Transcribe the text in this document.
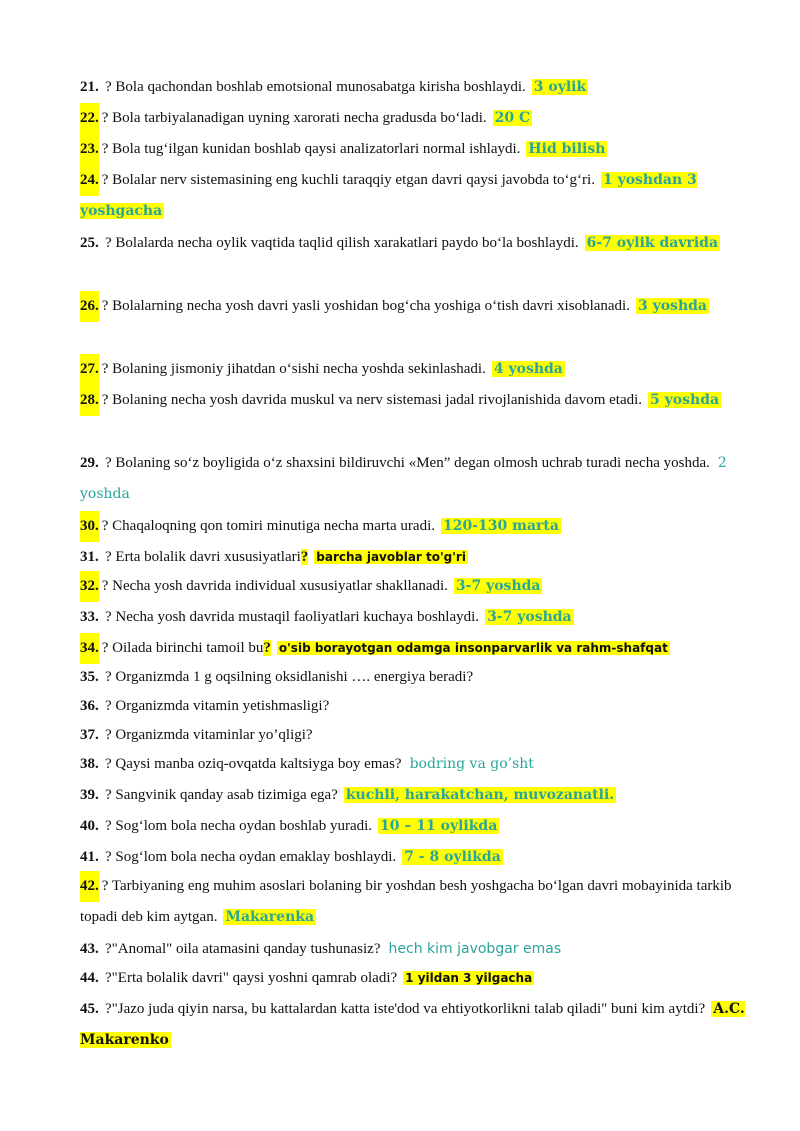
21. ? Bola qachondan boshlab emotsional munosabatga kirisha boshlaydi. 3 oylik
22. ? Bola tarbiyalanadigan uyning xarorati necha gradusda bo‘ladi. 20 C
23. ? Bola tug‘ilgan kunidan boshlab qaysi analizatorlari normal ishlaydi. Hid bilish
24. ? Bolalar nerv sistemasining eng kuchli taraqqiy etgan davri qaysi javobda to‘g‘ri. 1 yoshdan 3 yoshgacha
25. ? Bolalarda necha oylik vaqtida taqlid qilish xarakatlari paydo bo‘la boshlaydi. 6-7 oylik davrida
26. ? Bolalarning necha yosh davri yasli yoshidan bog‘cha yoshiga o‘tish davri xisoblanadi. 3 yoshda
27. ? Bolaning jismoniy jihatdan o‘sishi necha yoshda sekinlashadi. 4 yoshda
28. ? Bolaning necha yosh davrida muskul va nerv sistemasi jadal rivojlanishida davom etadi. 5 yoshda
29. ? Bolaning so‘z boyligida o‘z shaxsini bildiruvchi «Men” degan olmosh uchrab turadi necha yoshda. 2 yoshda
30. ? Chaqaloqning qon tomiri minutiga necha marta uradi. 120-130 marta
31. ? Erta bolalik davri xususiyatlari? barcha javoblar to'g'ri
32. ? Necha yosh davrida individual xususiyatlar shakllanadi. 3-7 yoshda
33. ? Necha yosh davrida mustaqil faoliyatlari kuchaya boshlaydi. 3-7 yoshda
34. ? Oilada birinchi tamoil bu? o'sib borayotgan odamga insonparvarlik va rahm-shafqat
35. ? Organizmda 1 g oqsilning oksidlanishi …. energiya beradi?
36. ? Organizmda vitamin yetishmasligi?
37. ? Organizmda vitaminlar yo’qligi?
38. ? Qaysi manba oziq-ovqatda kaltsiyga boy emas? bodring va go’sht
39. ? Sangvinik qanday asab tizimiga ega? kuchli, harakatchan, muvozanatli.
40. ? Sog‘lom bola necha oydan boshlab yuradi. 10 – 11 oylikda
41. ? Sog‘lom bola necha oydan emaklay boshlaydi. 7 - 8 oylikda
42. ? Tarbiyaning eng muhim asoslari bolaning bir yoshdan besh yoshgacha bo‘lgan davri mobayinida tarkib topadi deb kim aytgan. Makarenka
43. ?"Anomal" oila atamasini qanday tushunasiz? hech kim javobgar emas
44. ?"Erta bolalik davri" qaysi yoshni qamrab oladi? 1 yildan 3 yilgacha
45. ?"Jazo juda qiyin narsa, bu kattalardan katta iste'dod va ehtiyotkorlikni talab qiladi" buni kim aytdi? A.C. Makarenko
